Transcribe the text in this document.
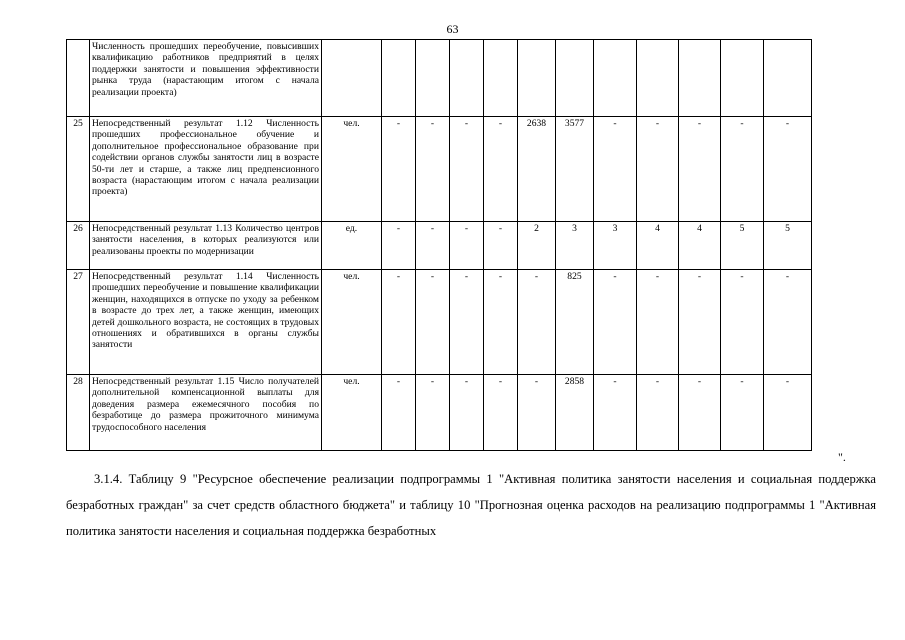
63
	Численность прошедших переобучение, повысивших квалификацию работников предприятий в целях поддержки занятости и повышения эффективности рынка труда (нарастающим итогом с начала реализации проекта)												
25	Непосредственный результат 1.12 Численность прошедших профессиональное обучение и дополнительное профессиональное образование при содействии органов службы занятости лиц в возрасте 50-ти лет и старше, а также лиц предпенсионного возраста (нарастающим итогом с начала реализации проекта)	чел.	-	-	-	-	2638	3577	-	-	-	-	-
26	Непосредственный результат 1.13 Количество центров занятости населения, в которых реализуются или реализованы проекты по модернизации	ед.	-	-	-	-	2	3	3	4	4	5	5
27	Непосредственный результат 1.14 Численность прошедших переобучение и повышение квалификации женщин, находящихся в отпуске по уходу за ребенком в возрасте до трех лет, а также женщин, имеющих детей дошкольного возраста, не состоящих в трудовых отношениях и обратившихся в органы службы занятости	чел.	-	-	-	-	-	825	-	-	-	-	-
28	Непосредственный результат 1.15 Число получателей дополнительной компенсационной выплаты для доведения размера ежемесячного пособия по безработице до размера прожиточного минимума трудоспособного населения	чел.	-	-	-	-	-	2858	-	-	-	-	-
".
3.1.4. Таблицу 9 "Ресурсное обеспечение реализации подпрограммы 1 "Активная политика занятости населения и социальная поддержка безработных граждан" за счет средств областного бюджета" и таблицу 10 "Прогнозная оценка расходов на реализацию подпрограммы 1 "Активная политика занятости населения и социальная поддержка безработных
